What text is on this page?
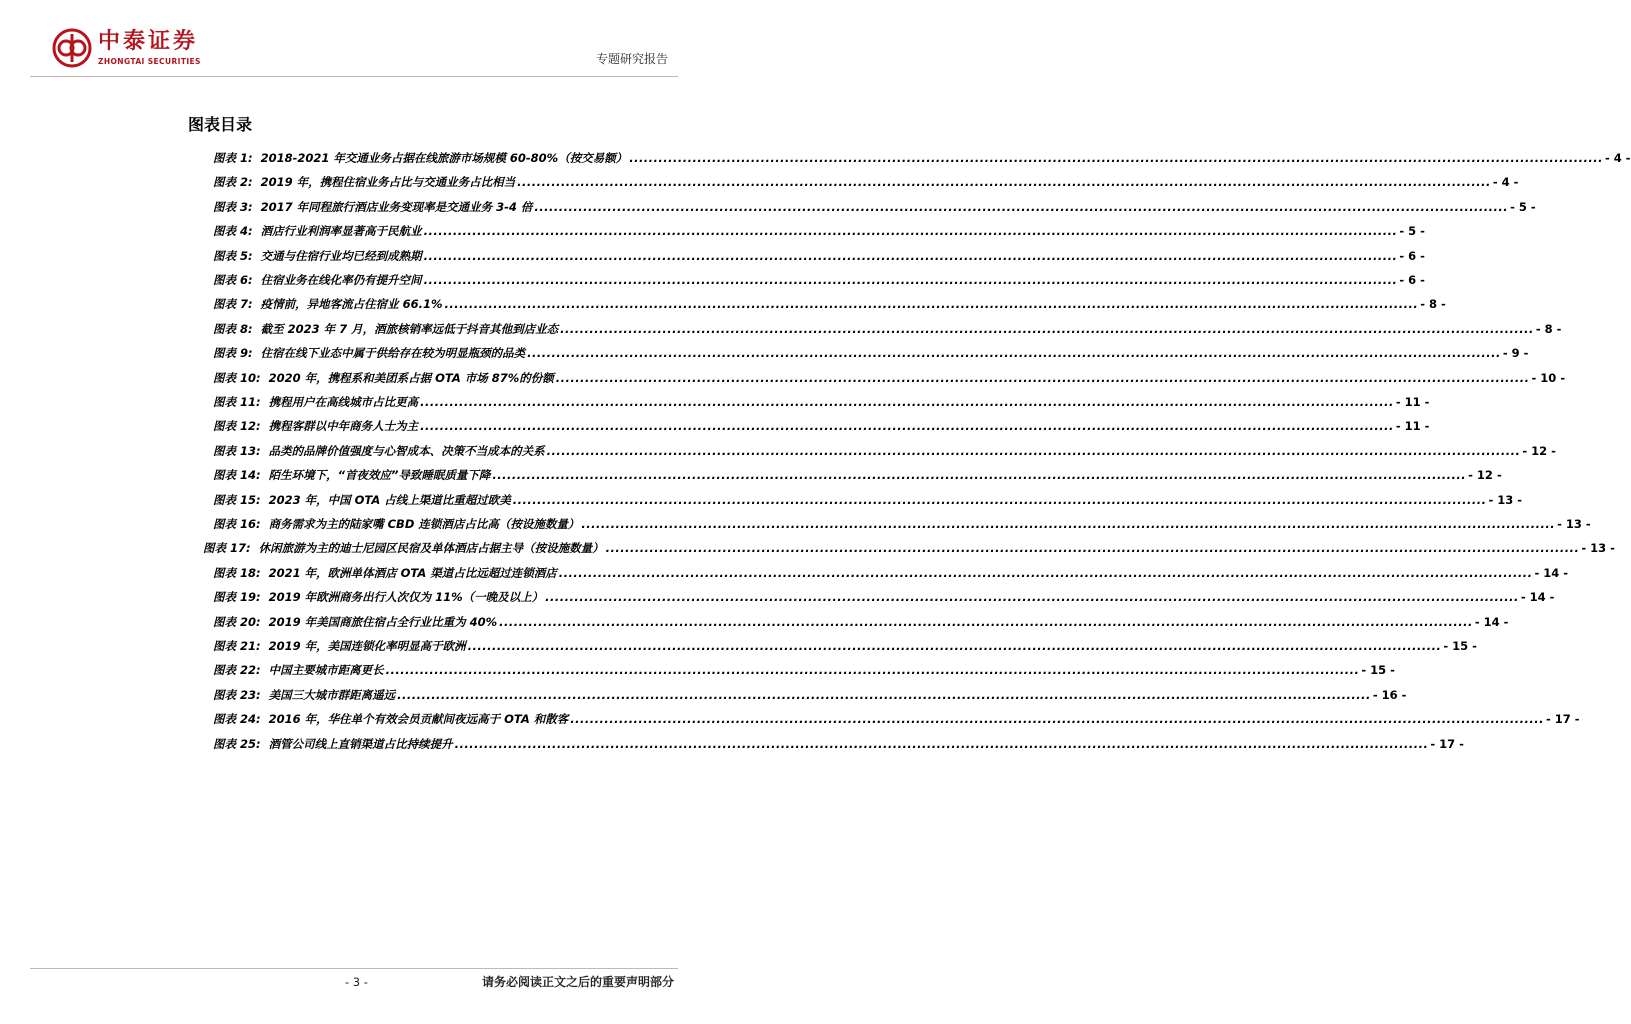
中泰证券
ZHONGTAI SECURITIES	专题研究报告
图表目录
图表 1: 2018-2021 年交通业务占据在线旅游市场规模 60-80%（按交易额） ........................................................................................................................................................................................................ - 4 -
图表 2: 2019 年，携程住宿业务占比与交通业务占比相当 ........................................................................................................................................................................................................ - 4 -
图表 3: 2017 年同程旅行酒店业务变现率是交通业务 3-4 倍 ........................................................................................................................................................................................................ - 5 -
图表 4: 酒店行业利润率显著高于民航业 ........................................................................................................................................................................................................ - 5 -
图表 5: 交通与住宿行业均已经到成熟期 ........................................................................................................................................................................................................ - 6 -
图表 6: 住宿业务在线化率仍有提升空间 ........................................................................................................................................................................................................ - 6 -
图表 7: 疫情前，异地客流占住宿业 66.1% ........................................................................................................................................................................................................ - 8 -
图表 8: 截至 2023 年 7 月，酒旅核销率远低于抖音其他到店业态 ........................................................................................................................................................................................................ - 8 -
图表 9: 住宿在线下业态中属于供给存在较为明显瓶颈的品类 ........................................................................................................................................................................................................ - 9 -
图表 10: 2020 年，携程系和美团系占据 OTA 市场 87%的份额 ........................................................................................................................................................................................................ - 10 -
图表 11: 携程用户在高线城市占比更高 ........................................................................................................................................................................................................ - 11 -
图表 12: 携程客群以中年商务人士为主 ........................................................................................................................................................................................................ - 11 -
图表 13: 品类的品牌价值强度与心智成本、决策不当成本的关系 ........................................................................................................................................................................................................ - 12 -
图表 14: 陌生环境下，“首夜效应”导致睡眠质量下降 ........................................................................................................................................................................................................ - 12 -
图表 15: 2023 年，中国 OTA 占线上渠道比重超过欧美 ........................................................................................................................................................................................................ - 13 -
图表 16: 商务需求为主的陆家嘴 CBD 连锁酒店占比高（按设施数量） ........................................................................................................................................................................................................ - 13 -
图表 17: 休闲旅游为主的迪士尼园区民宿及单体酒店占据主导（按设施数量） ........................................................................................................................................................................................................ - 13 -
图表 18: 2021 年，欧洲单体酒店 OTA 渠道占比远超过连锁酒店 ........................................................................................................................................................................................................ - 14 -
图表 19: 2019 年欧洲商务出行人次仅为 11%（一晚及以上） ........................................................................................................................................................................................................ - 14 -
图表 20: 2019 年美国商旅住宿占全行业比重为 40% ........................................................................................................................................................................................................ - 14 -
图表 21: 2019 年，美国连锁化率明显高于欧洲 ........................................................................................................................................................................................................ - 15 -
图表 22: 中国主要城市距离更长 ........................................................................................................................................................................................................ - 15 -
图表 23: 美国三大城市群距离遥远 ........................................................................................................................................................................................................ - 16 -
图表 24: 2016 年，华住单个有效会员贡献间夜远高于 OTA 和散客 ........................................................................................................................................................................................................ - 17 -
图表 25: 酒管公司线上直销渠道占比持续提升 ........................................................................................................................................................................................................ - 17 -
- 3 -	请务必阅读正文之后的重要声明部分
